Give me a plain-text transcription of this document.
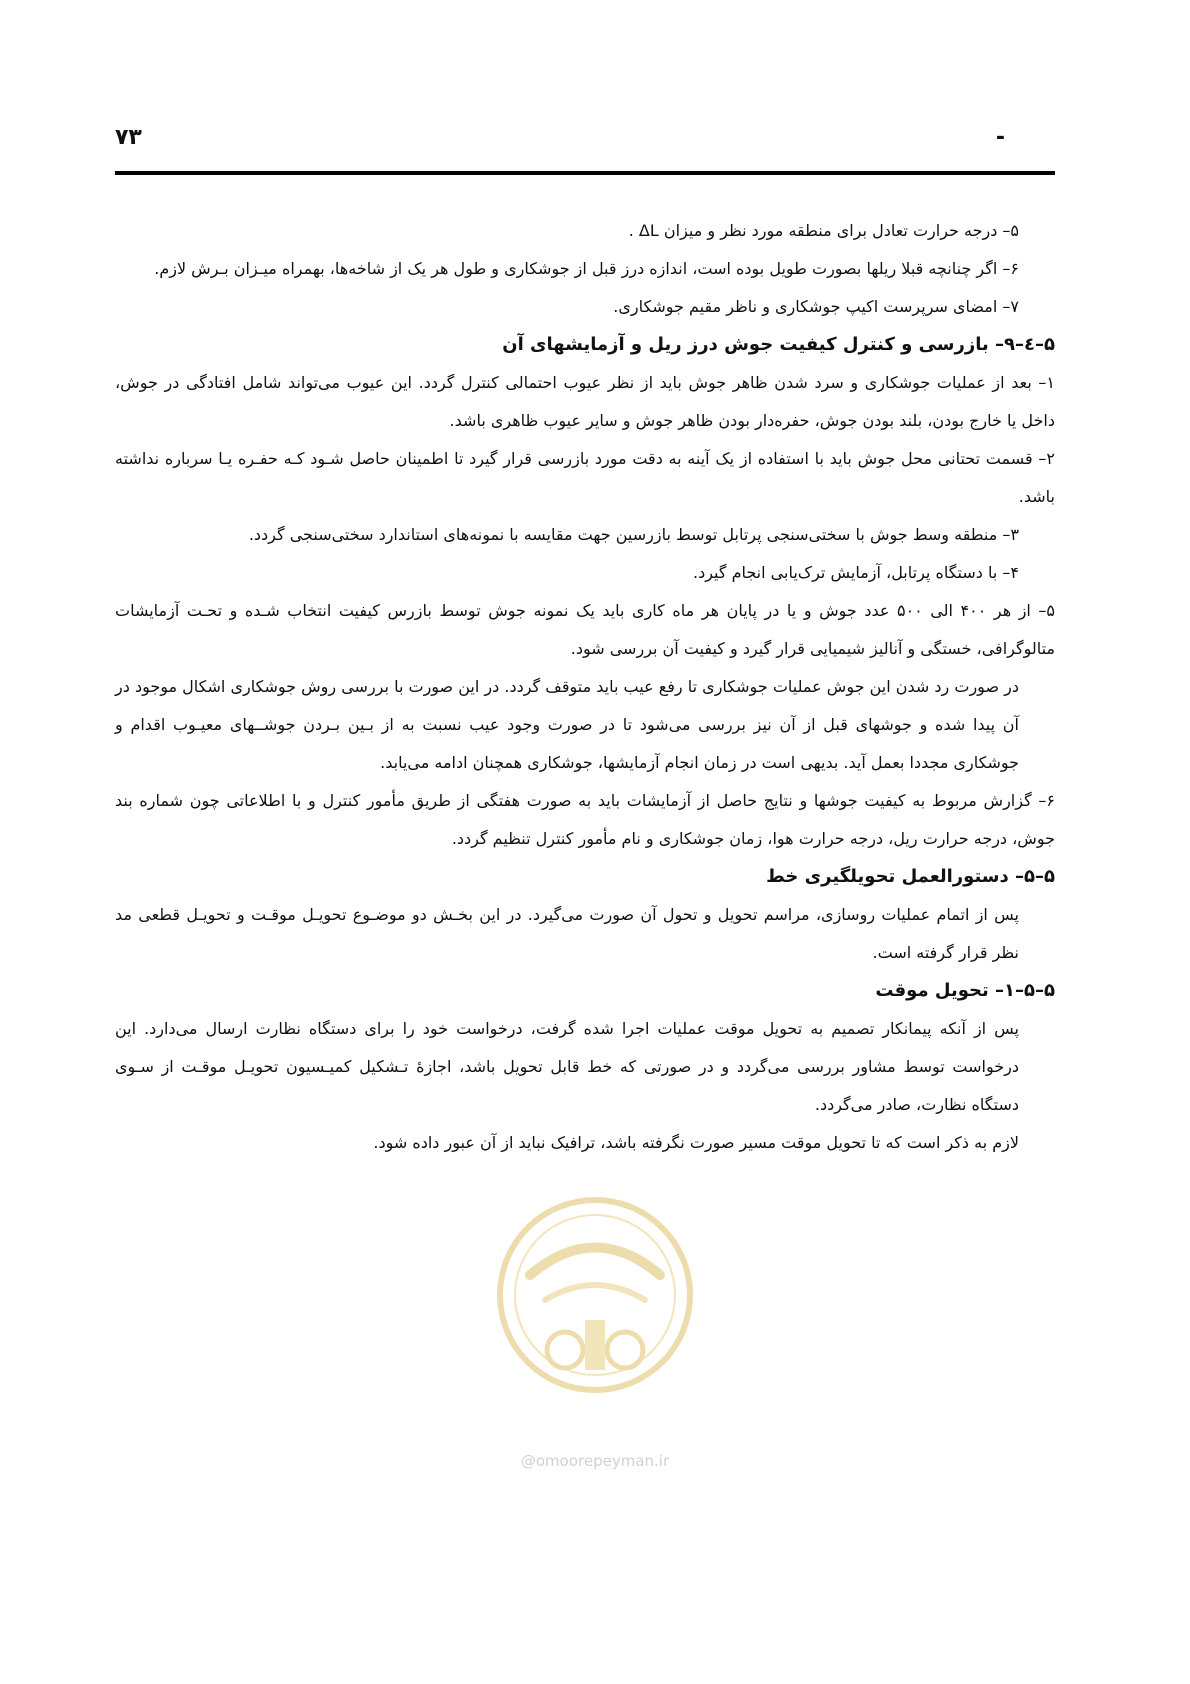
۷۳	-

۵– درجه حرارت تعادل برای منطقه مورد نظر و میزان ΔL .

۶– اگر چنانچه قبلا ریلها بصورت طویل بوده است، اندازه درز قبل از جوشکاری و طول هر یک از شاخه‌ها، بهمراه میـزان بـرش لازم.

۷– امضای سرپرست اکیپ جوشکاری و ناظر مقیم جوشکاری.

۵–٤–۹– بازرسی و کنترل کیفیت جوش درز ریل و آزمایشهای آن

۱– بعد از عملیات جوشکاری و سرد شدن ظاهر جوش باید از نظر عیوب احتمالی کنترل گردد. این عیوب می‌تواند شامل افتادگی در جوش، داخل یا خارج بودن، بلند بودن جوش، حفره‌دار بودن ظاهر جوش و سایر عیوب ظاهری باشد.

۲– قسمت تحتانی محل جوش باید با استفاده از یک آینه به دقت مورد بازرسی قرار گیرد تا اطمینان حاصل شـود کـه حفـره یـا سرباره نداشته باشد.

۳– منطقه وسط جوش با سختی‌سنجی پرتابل توسط بازرسین جهت مقایسه با نمونه‌های استاندارد سختی‌سنجی گردد.

۴– با دستگاه پرتابل، آزمایش ترک‌یابی انجام گیرد.

۵– از هر ۴۰۰ الی ۵۰۰ عدد جوش و یا در پایان هر ماه کاری باید یک نمونه جوش توسط بازرس کیفیت انتخاب شـده و تحـت آزمایشات متالوگرافی، خستگی و آنالیز شیمیایی قرار گیرد و کیفیت آن بررسی شود.

در صورت رد شدن این جوش عملیات جوشکاری تا رفع عیب باید متوقف گردد. در این صورت با بررسی روش جوشکاری اشکال موجود در آن پیدا شده و جوشهای قبل از آن نیز بررسی می‌شود تا در صورت وجود عیب نسبت به از بـین بـردن جوشــهای معیـوب اقدام و جوشکاری مجددا بعمل آید. بدیهی است در زمان انجام آزمایشها، جوشکاری همچنان ادامه می‌یابد.

۶– گزارش مربوط به کیفیت جوشها و نتایج حاصل از آزمایشات باید به صورت هفتگی از طریق مأمور کنترل و با اطلاعاتی چون شماره بند جوش، درجه حرارت ریل، درجه حرارت هوا، زمان جوشکاری و نام مأمور کنترل تنظیم گردد.

۵–۵– دستورالعمل تحویلگیری خط

پس از اتمام عملیات روسازی، مراسم تحویل و تحول آن صورت می‌گیرد. در این بخـش دو موضـوع تحویـل موقـت و تحویـل قطعی مد نظر قرار گرفته است.

۵–۵–۱– تحویل موقت

پس از آنکه پیمانکار تصمیم به تحویل موقت عملیات اجرا شده گرفت، درخواست خود را برای دستگاه نظارت ارسال می‌دارد. این درخواست توسط مشاور بررسی می‌گردد و در صورتی که خط قابل تحویل باشد، اجازهٔ تـشکیل کمیـسیون تحویـل موقـت از سـوی دستگاه نظارت، صادر می‌گردد.

لازم به ذکر است که تا تحویل موقت مسیر صورت نگرفته باشد، ترافیک نباید از آن عبور داده شود.

@omoorepeyman.ir
